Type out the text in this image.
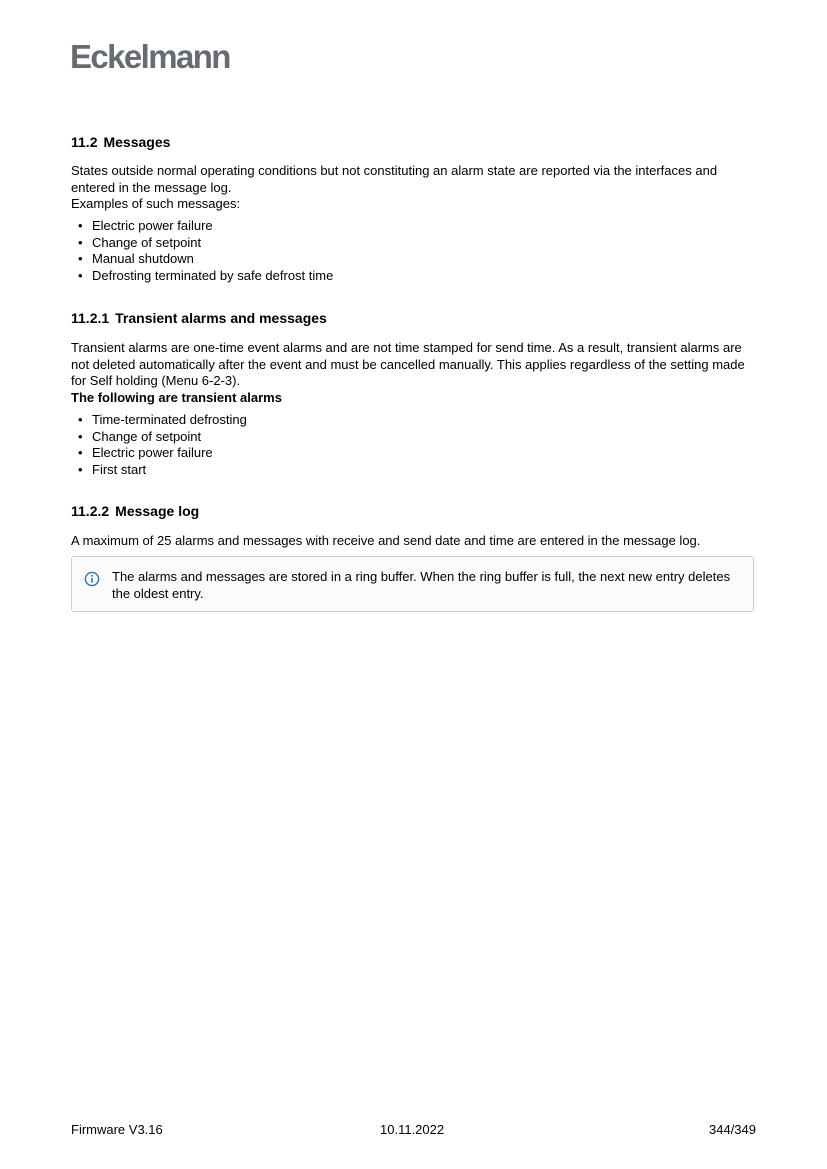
Eckelmann
11.2 Messages

States outside normal operating conditions but not constituting an alarm state are reported via the interfaces and entered in the message log.

Examples of such messages:

• Electric power failure
• Change of setpoint
• Manual shutdown
• Defrosting terminated by safe defrost time
11.2.1 Transient alarms and messages

Transient alarms are one-time event alarms and are not time stamped for send time. As a result, transient alarms are not deleted automatically after the event and must be cancelled manually. This applies regardless of the setting made for Self holding (Menu 6-2-3).

The following are transient alarms

• Time-terminated defrosting
• Change of setpoint
• Electric power failure
• First start
11.2.2 Message log

A maximum of 25 alarms and messages with receive and send date and time are entered in the message log.

The alarms and messages are stored in a ring buffer. When the ring buffer is full, the next new entry deletes the oldest entry.
Firmware V3.16	10.11.2022	344/349
